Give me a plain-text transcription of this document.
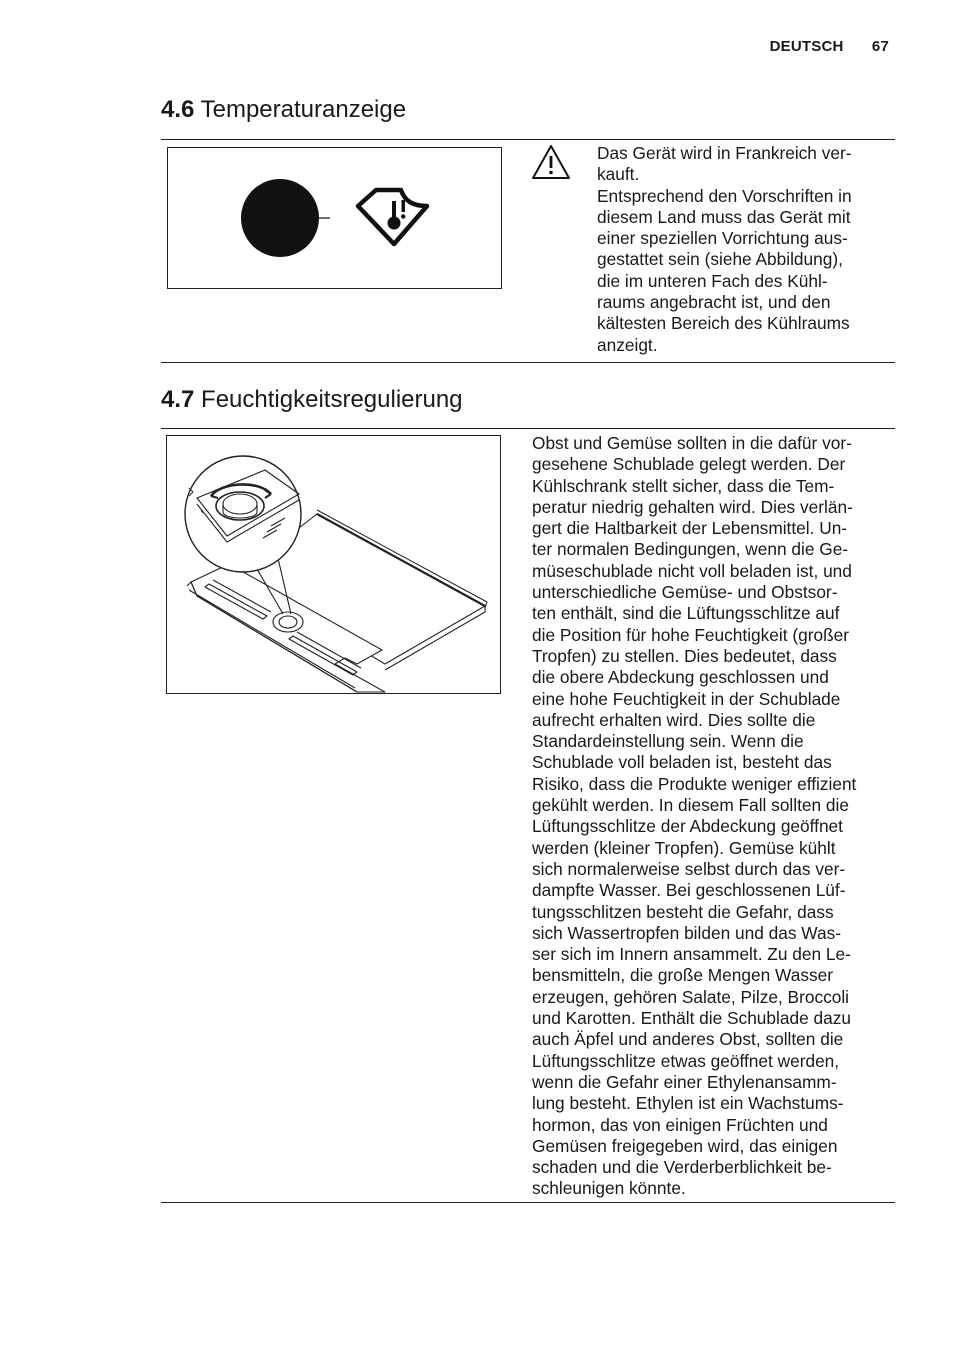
DEUTSCH 67
4.6 Temperaturanzeige

Das Gerät wird in Frankreich ver-
kauft.
Entsprechend den Vorschriften in
diesem Land muss das Gerät mit
einer speziellen Vorrichtung aus-
gestattet sein (siehe Abbildung),
die im unteren Fach des Kühl-
raums angebracht ist, und den
kältesten Bereich des Kühlraums
anzeigt.

4.7 Feuchtigkeitsregulierung

Obst und Gemüse sollten in die dafür vor-
gesehene Schublade gelegt werden. Der
Kühlschrank stellt sicher, dass die Tem-
peratur niedrig gehalten wird. Dies verlän-
gert die Haltbarkeit der Lebensmittel. Un-
ter normalen Bedingungen, wenn die Ge-
müseschublade nicht voll beladen ist, und
unterschiedliche Gemüse- und Obstsor-
ten enthält, sind die Lüftungsschlitze auf
die Position für hohe Feuchtigkeit (großer
Tropfen) zu stellen. Dies bedeutet, dass
die obere Abdeckung geschlossen und
eine hohe Feuchtigkeit in der Schublade
aufrecht erhalten wird. Dies sollte die
Standardeinstellung sein. Wenn die
Schublade voll beladen ist, besteht das
Risiko, dass die Produkte weniger effizient
gekühlt werden. In diesem Fall sollten die
Lüftungsschlitze der Abdeckung geöffnet
werden (kleiner Tropfen). Gemüse kühlt
sich normalerweise selbst durch das ver-
dampfte Wasser. Bei geschlossenen Lüf-
tungsschlitzen besteht die Gefahr, dass
sich Wassertropfen bilden und das Was-
ser sich im Innern ansammelt. Zu den Le-
bensmitteln, die große Mengen Wasser
erzeugen, gehören Salate, Pilze, Broccoli
und Karotten. Enthält die Schublade dazu
auch Äpfel und anderes Obst, sollten die
Lüftungsschlitze etwas geöffnet werden,
wenn die Gefahr einer Ethylenansamm-
lung besteht. Ethylen ist ein Wachstums-
hormon, das von einigen Früchten und
Gemüsen freigegeben wird, das einigen
schaden und die Verderberblichkeit be-
schleunigen könnte.
